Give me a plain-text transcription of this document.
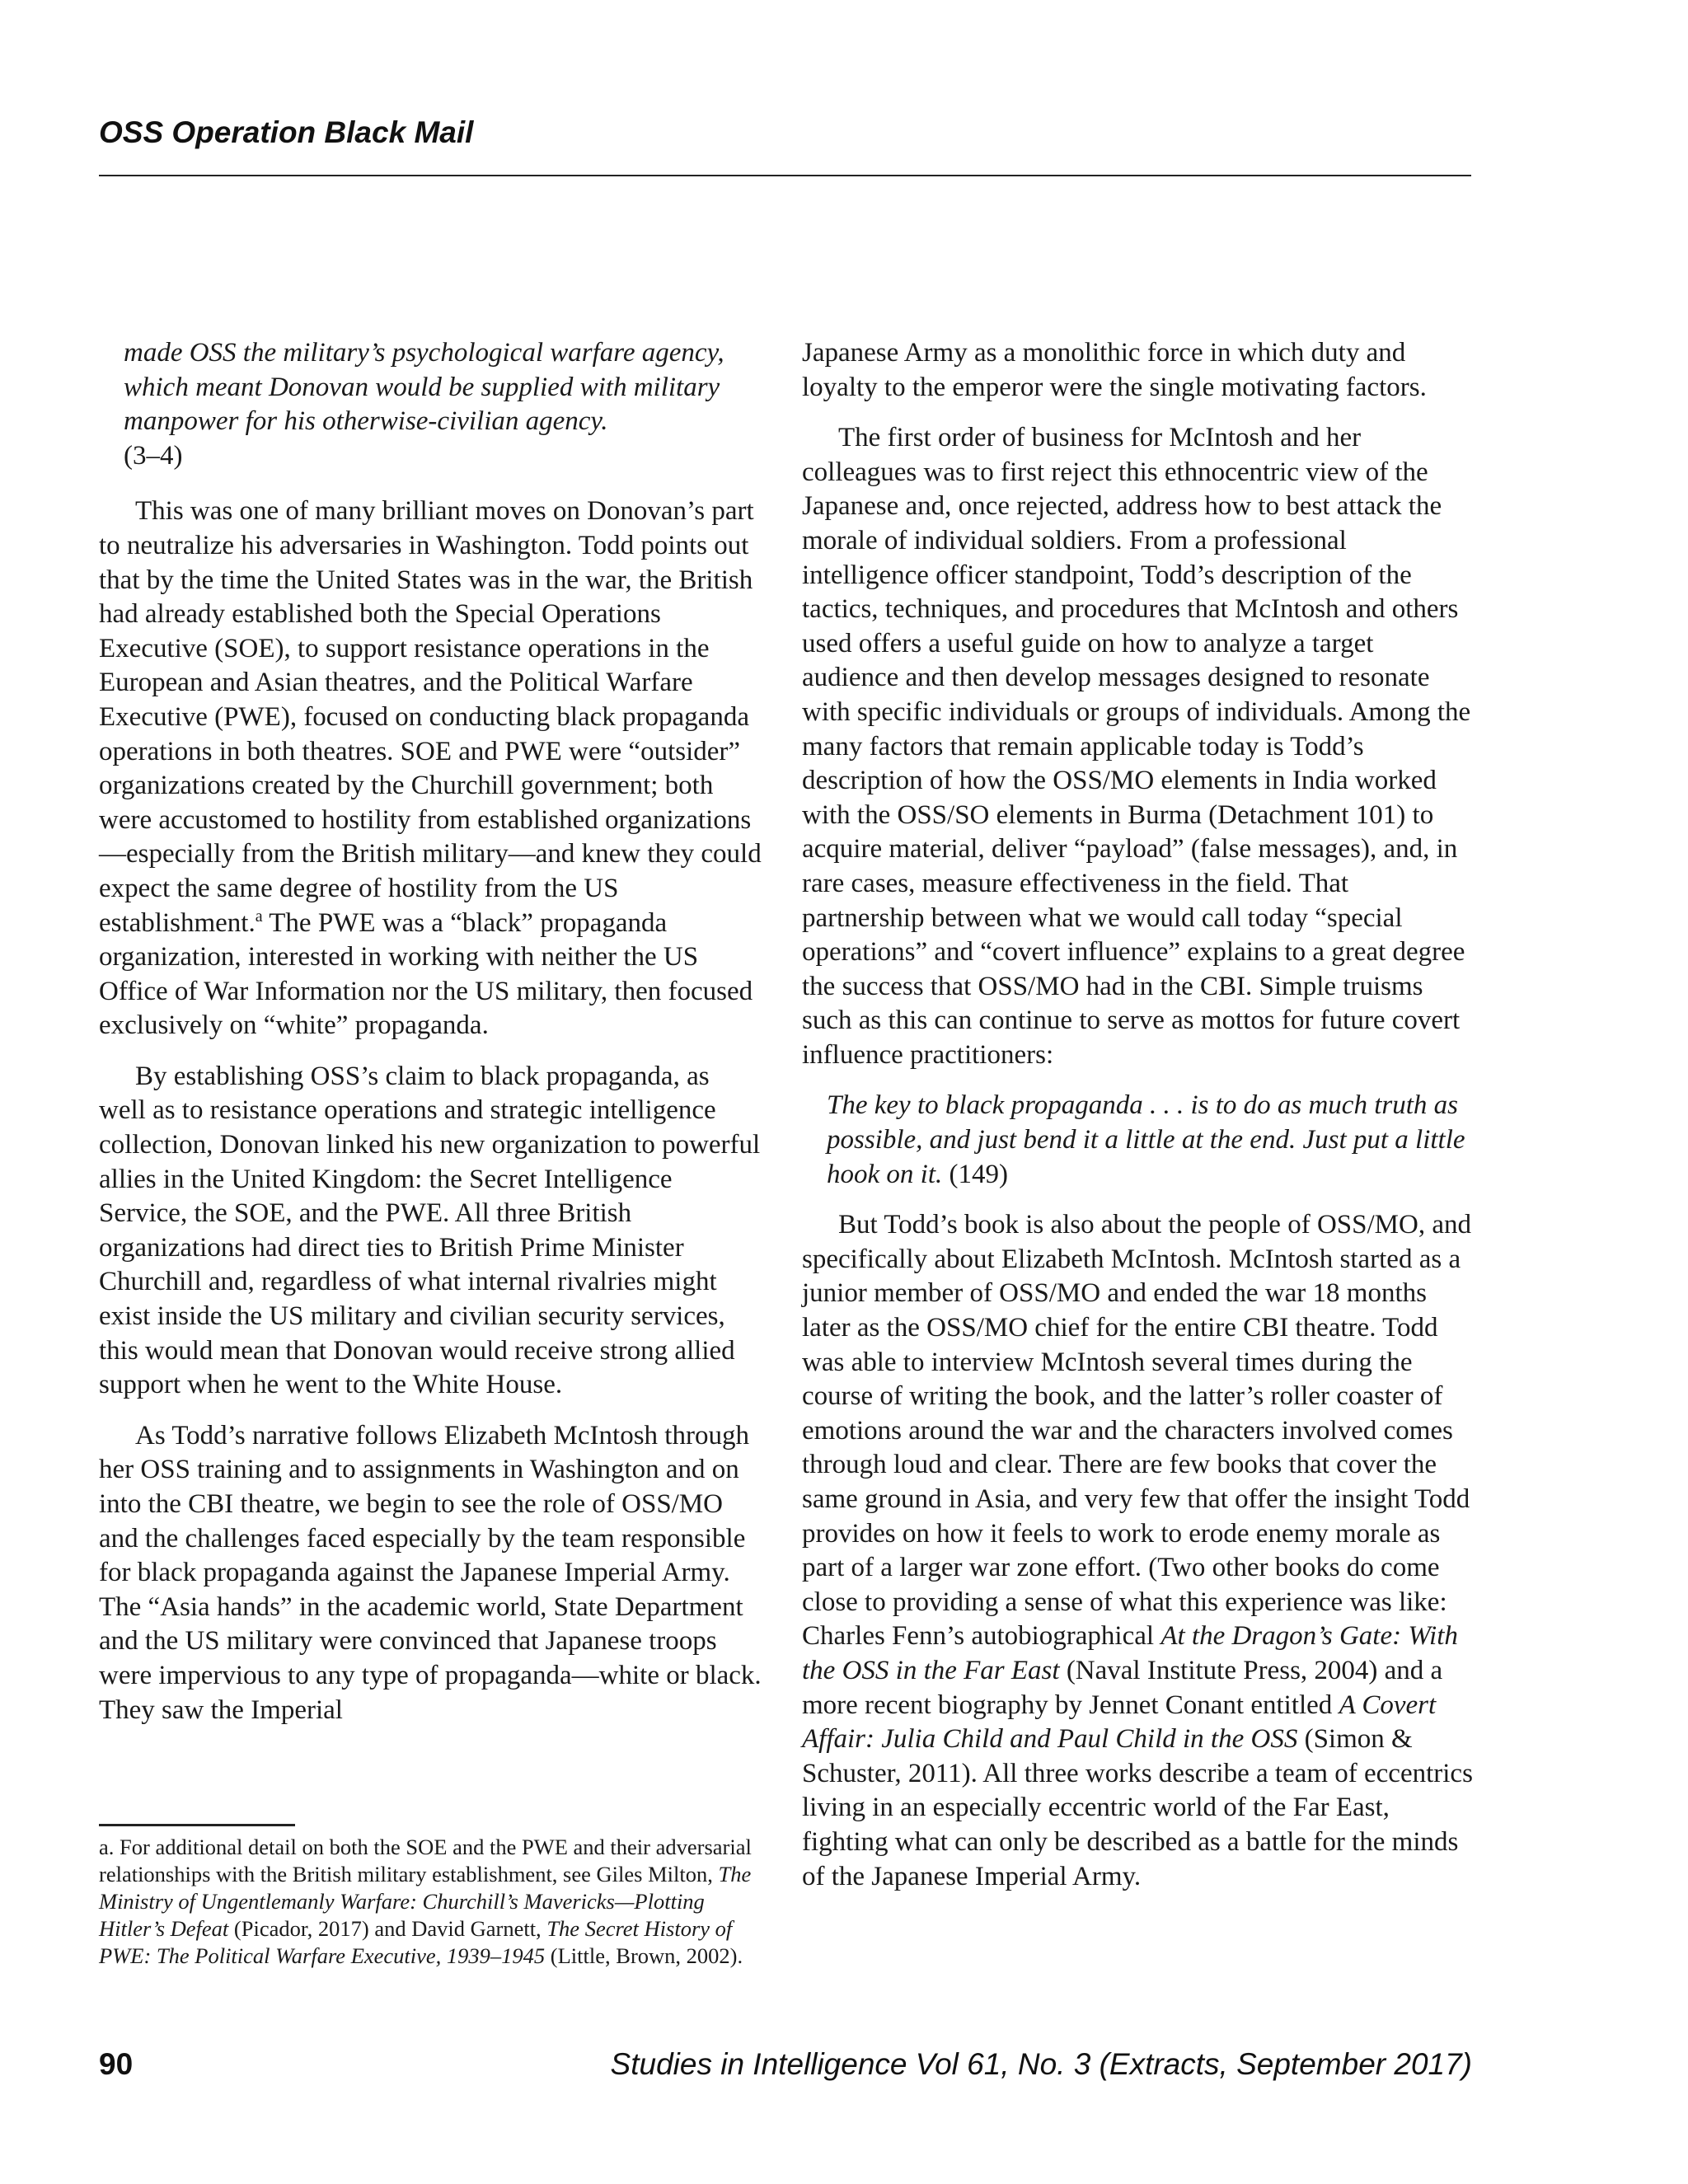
OSS Operation Black Mail
made OSS the military’s psychological warfare agency, which meant Donovan would be supplied with military manpower for his otherwise-civilian agency.
(3–4)

This was one of many brilliant moves on Donovan’s part to neutralize his adversaries in Washington. Todd points out that by the time the United States was in the war, the British had already established both the Special Operations Executive (SOE), to support resistance operations in the European and Asian theatres, and the Political Warfare Executive (PWE), focused on conducting black propaganda operations in both theatres. SOE and PWE were “outsider” organizations created by the Churchill government; both were accustomed to hostility from established organizations—especially from the British military—and knew they could expect the same degree of hostility from the US establishment.$^a$ The PWE was a “black” propaganda organization, interested in working with neither the US Office of War Information nor the US military, then focused exclusively on “white” propaganda.

By establishing OSS’s claim to black propaganda, as well as to resistance operations and strategic intelligence collection, Donovan linked his new organization to powerful allies in the United Kingdom: the Secret Intelligence Service, the SOE, and the PWE. All three British organizations had direct ties to British Prime Minister Churchill and, regardless of what internal rivalries might exist inside the US military and civilian security services, this would mean that Donovan would receive strong allied support when he went to the White House.

As Todd’s narrative follows Elizabeth McIntosh through her OSS training and to assignments in Washington and on into the CBI theatre, we begin to see the role of OSS/MO and the challenges faced especially by the team responsible for black propaganda against the Japanese Imperial Army. The “Asia hands” in the academic world, State Department and the US military were convinced that Japanese troops were impervious to any type of propaganda—white or black. They saw the Imperial

Japanese Army as a monolithic force in which duty and loyalty to the emperor were the single motivating factors.

The first order of business for McIntosh and her colleagues was to first reject this ethnocentric view of the Japanese and, once rejected, address how to best attack the morale of individual soldiers. From a professional intelligence officer standpoint, Todd’s description of the tactics, techniques, and procedures that McIntosh and others used offers a useful guide on how to analyze a target audience and then develop messages designed to resonate with specific individuals or groups of individuals. Among the many factors that remain applicable today is Todd’s description of how the OSS/MO elements in India worked with the OSS/SO elements in Burma (Detachment 101) to acquire material, deliver “payload” (false messages), and, in rare cases, measure effectiveness in the field. That partnership between what we would call today “special operations” and “covert influence” explains to a great degree the success that OSS/MO had in the CBI. Simple truisms such as this can continue to serve as mottos for future covert influence practitioners:

The key to black propaganda . . . is to do as much truth as possible, and just bend it a little at the end. Just put a little hook on it. (149)

But Todd’s book is also about the people of OSS/MO, and specifically about Elizabeth McIntosh. McIntosh started as a junior member of OSS/MO and ended the war 18 months later as the OSS/MO chief for the entire CBI theatre. Todd was able to interview McIntosh several times during the course of writing the book, and the latter’s roller coaster of emotions around the war and the characters involved comes through loud and clear. There are few books that cover the same ground in Asia, and very few that offer the insight Todd provides on how it feels to work to erode enemy morale as part of a larger war zone effort. (Two other books do come close to providing a sense of what this experience was like: Charles Fenn’s autobiographical At the Dragon’s Gate: With the OSS in the Far East (Naval Institute Press, 2004) and a more recent biography by Jennet Conant entitled A Covert Affair: Julia Child and Paul Child in the OSS (Simon & Schuster, 2011). All three works describe a team of eccentrics living in an especially eccentric world of the Far East, fighting what can only be described as a battle for the minds of the Japanese Imperial Army.

a. For additional detail on both the SOE and the PWE and their adversarial relationships with the British military establishment, see Giles Milton, The Ministry of Ungentlemanly Warfare: Churchill’s Mavericks—Plotting Hitler’s Defeat (Picador, 2017) and David Garnett, The Secret History of PWE: The Political Warfare Executive, 1939–1945 (Little, Brown, 2002).
90	Studies in Intelligence Vol 61, No. 3 (Extracts, September 2017)
